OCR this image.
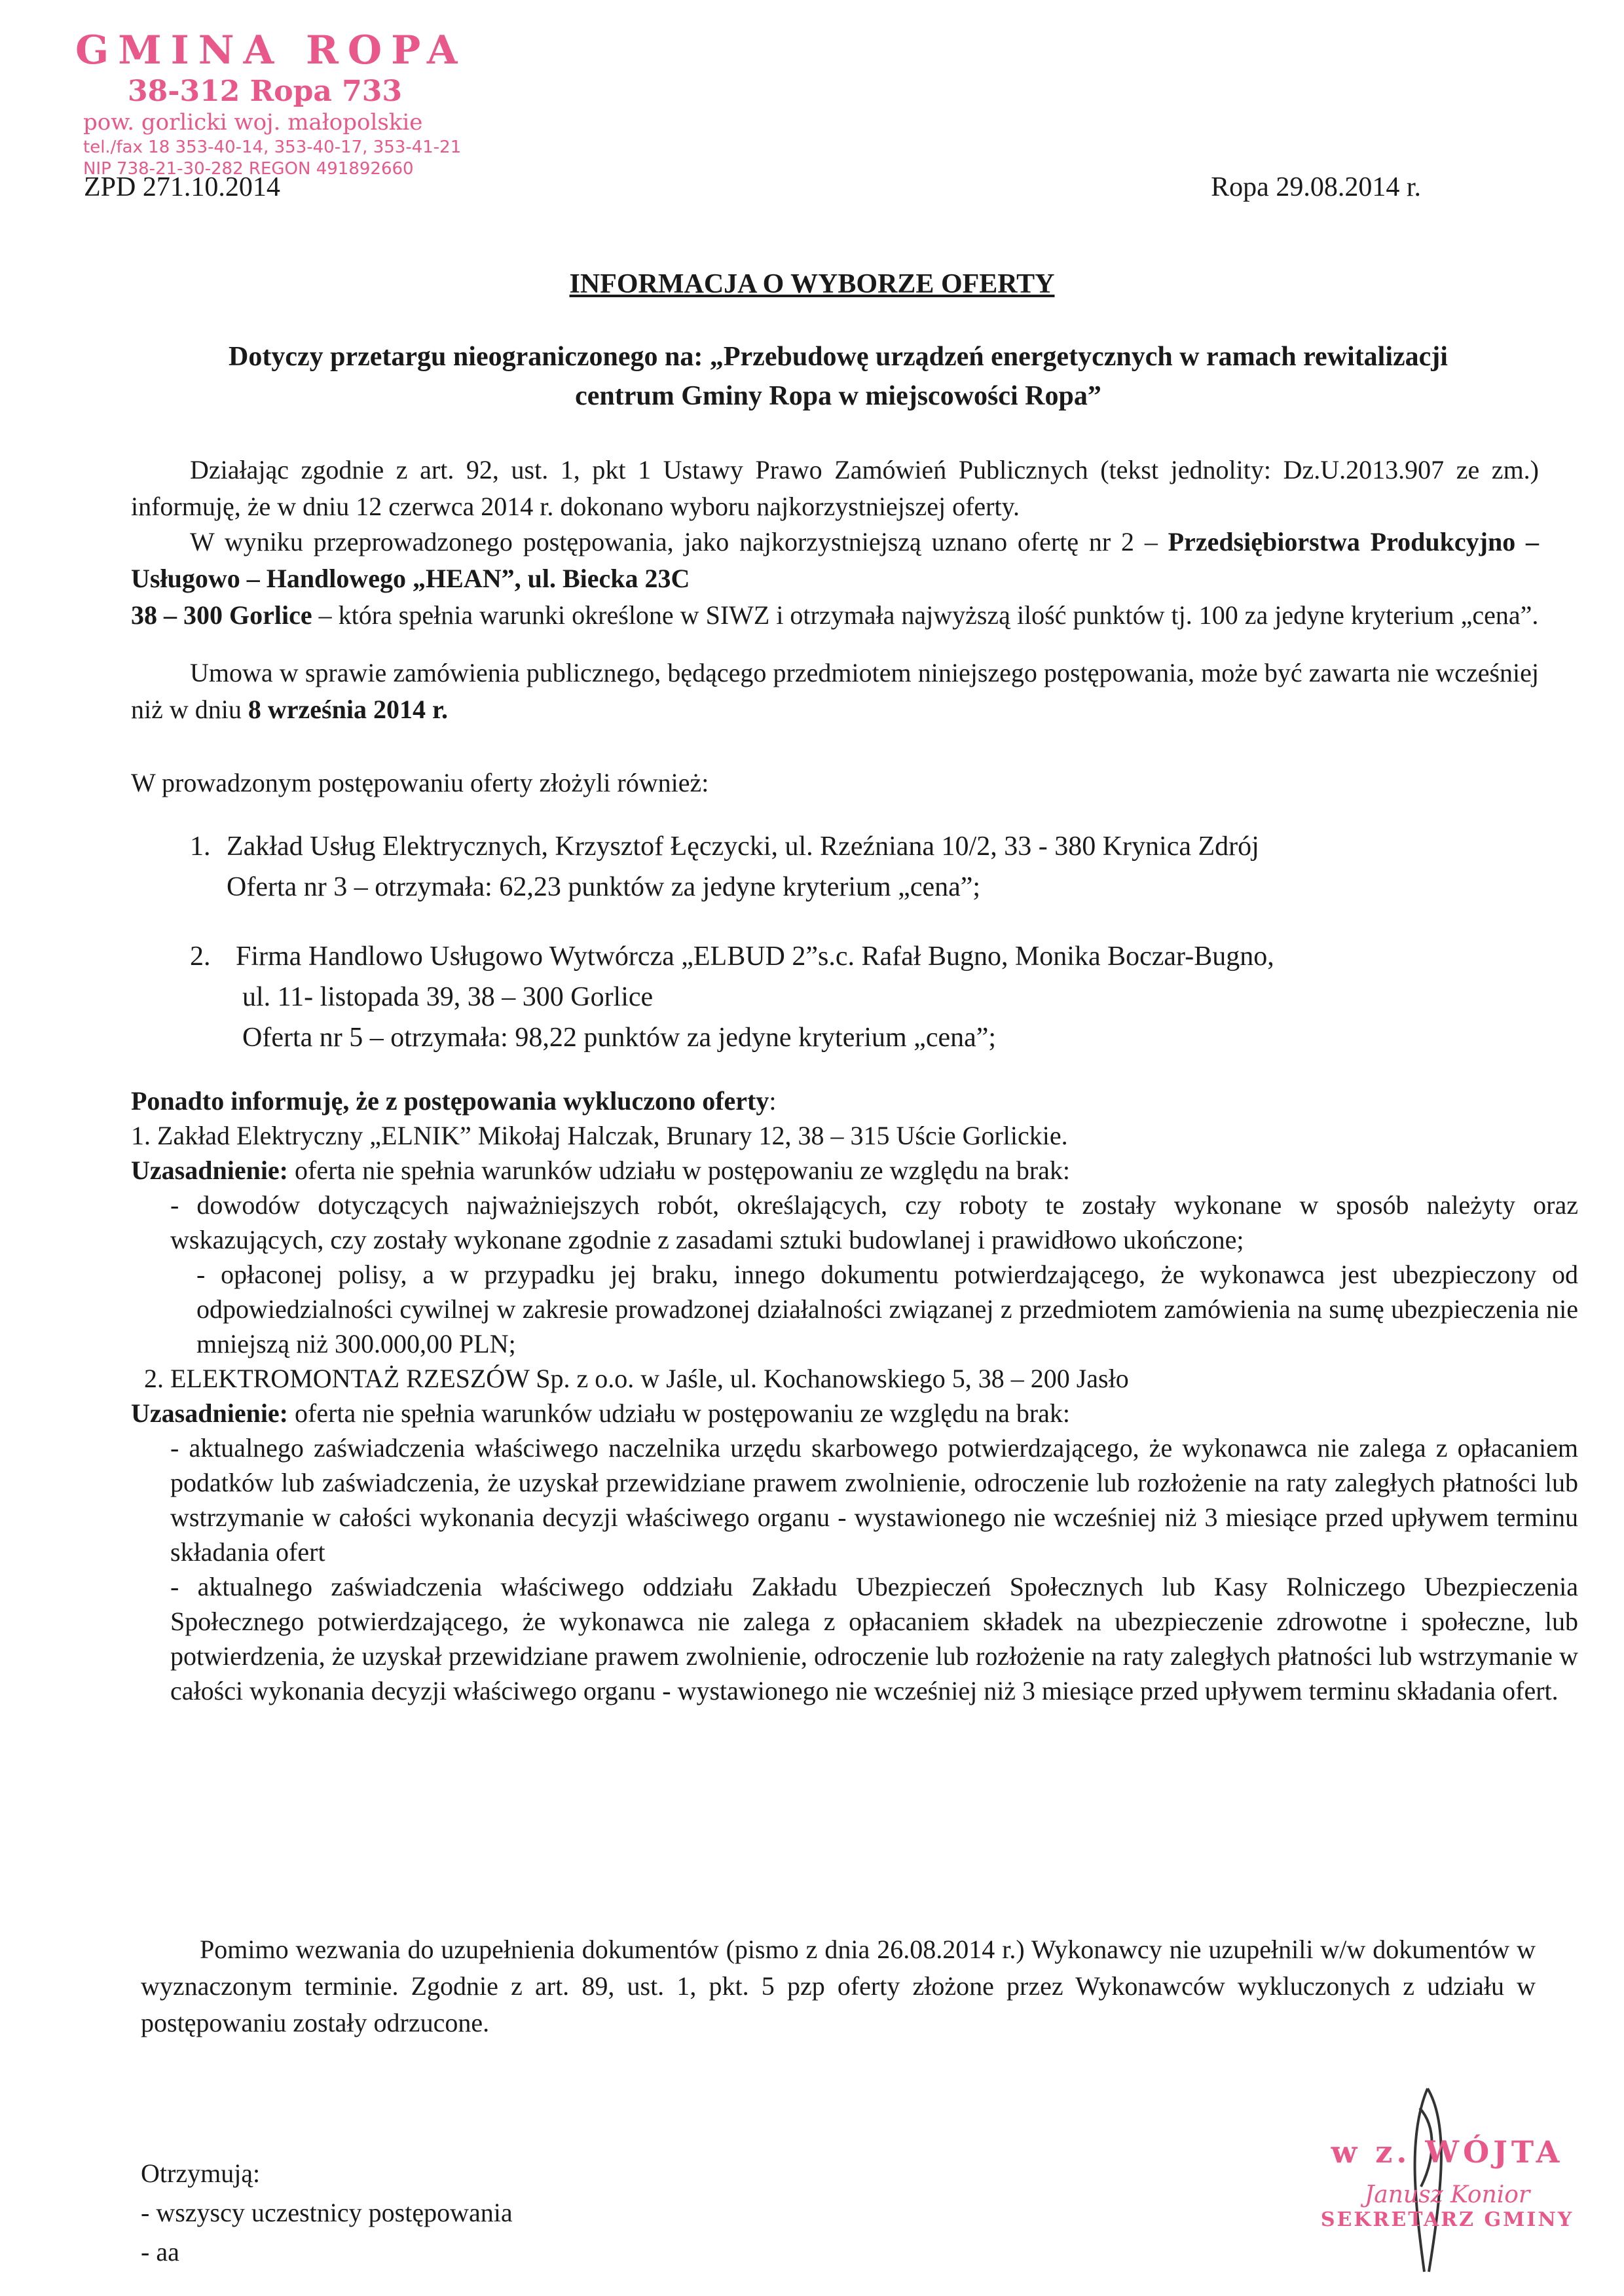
GMINA ROPA
38-312 Ropa 733
pow. gorlicki woj. małopolskie
tel./fax 18 353-40-14, 353-40-17, 353-41-21
NIP 738-21-30-282 REGON 491892660
ZPD 271.10.2014	Ropa 29.08.2014 r.
INFORMACJA O WYBORZE OFERTY
Dotyczy przetargu nieograniczonego na: „Przebudowę urządzeń energetycznych w ramach rewitalizacji
centrum Gminy Ropa w miejscowości Ropa”

Działając zgodnie z art. 92, ust. 1, pkt 1 Ustawy Prawo Zamówień Publicznych (tekst jednolity: Dz.U.2013.907 ze zm.) informuję, że w dniu 12 czerwca 2014 r. dokonano wyboru najkorzystniejszej oferty.

W wyniku przeprowadzonego postępowania, jako najkorzystniejszą uznano ofertę nr 2 – Przedsiębiorstwa Produkcyjno – Usługowo – Handlowego „HEAN”, ul. Biecka 23C
38 – 300 Gorlice – która spełnia warunki określone w SIWZ i otrzymała najwyższą ilość punktów tj. 100 za jedyne kryterium „cena”.

Umowa w sprawie zamówienia publicznego, będącego przedmiotem niniejszego postępowania, może być zawarta nie wcześniej niż w dniu 8 września 2014 r.

W prowadzonym postępowaniu oferty złożyli również:

1. Zakład Usług Elektrycznych, Krzysztof Łęczycki, ul. Rzeźniana 10/2, 33 - 380 Krynica Zdrój
Oferta nr 3 – otrzymała: 62,23 punktów za jedyne kryterium „cena”;
2. Firma Handlowo Usługowo Wytwórcza „ELBUD 2”s.c. Rafał Bugno, Monika Boczar-Bugno,
ul. 11- listopada 39, 38 – 300 Gorlice
Oferta nr 5 – otrzymała: 98,22 punktów za jedyne kryterium „cena”;

Ponadto informuję, że z postępowania wykluczono oferty:

1. Zakład Elektryczny „ELNIK” Mikołaj Halczak, Brunary 12, 38 – 315 Uście Gorlickie.

Uzasadnienie: oferta nie spełnia warunków udziału w postępowaniu ze względu na brak:

- dowodów dotyczących najważniejszych robót, określających, czy roboty te zostały wykonane w sposób należyty oraz wskazujących, czy zostały wykonane zgodnie z zasadami sztuki budowlanej i prawidłowo ukończone;

- opłaconej polisy, a w przypadku jej braku, innego dokumentu potwierdzającego, że wykonawca jest ubezpieczony od odpowiedzialności cywilnej w zakresie prowadzonej działalności związanej z przedmiotem zamówienia na sumę ubezpieczenia nie mniejszą niż 300.000,00 PLN;

2. ELEKTROMONTAŻ RZESZÓW Sp. z o.o. w Jaśle, ul. Kochanowskiego 5, 38 – 200 Jasło

Uzasadnienie: oferta nie spełnia warunków udziału w postępowaniu ze względu na brak:

- aktualnego zaświadczenia właściwego naczelnika urzędu skarbowego potwierdzającego, że wykonawca nie zalega z opłacaniem podatków lub zaświadczenia, że uzyskał przewidziane prawem zwolnienie, odroczenie lub rozłożenie na raty zaległych płatności lub wstrzymanie w całości wykonania decyzji właściwego organu - wystawionego nie wcześniej niż 3 miesiące przed upływem terminu składania ofert

- aktualnego zaświadczenia właściwego oddziału Zakładu Ubezpieczeń Społecznych lub Kasy Rolniczego Ubezpieczenia Społecznego potwierdzającego, że wykonawca nie zalega z opłacaniem składek na ubezpieczenie zdrowotne i społeczne, lub potwierdzenia, że uzyskał przewidziane prawem zwolnienie, odroczenie lub rozłożenie na raty zaległych płatności lub wstrzymanie w całości wykonania decyzji właściwego organu - wystawionego nie wcześniej niż 3 miesiące przed upływem terminu składania ofert.

Pomimo wezwania do uzupełnienia dokumentów (pismo z dnia 26.08.2014 r.) Wykonawcy nie uzupełnili w/w dokumentów w wyznaczonym terminie. Zgodnie z art. 89, ust. 1, pkt. 5 pzp oferty złożone przez Wykonawców wykluczonych z udziału w postępowaniu zostały odrzucone.

Otrzymują:
- wszyscy uczestnicy postępowania
- aa
w z. WÓJTA
Janusz Konior
SEKRETARZ GMINY
